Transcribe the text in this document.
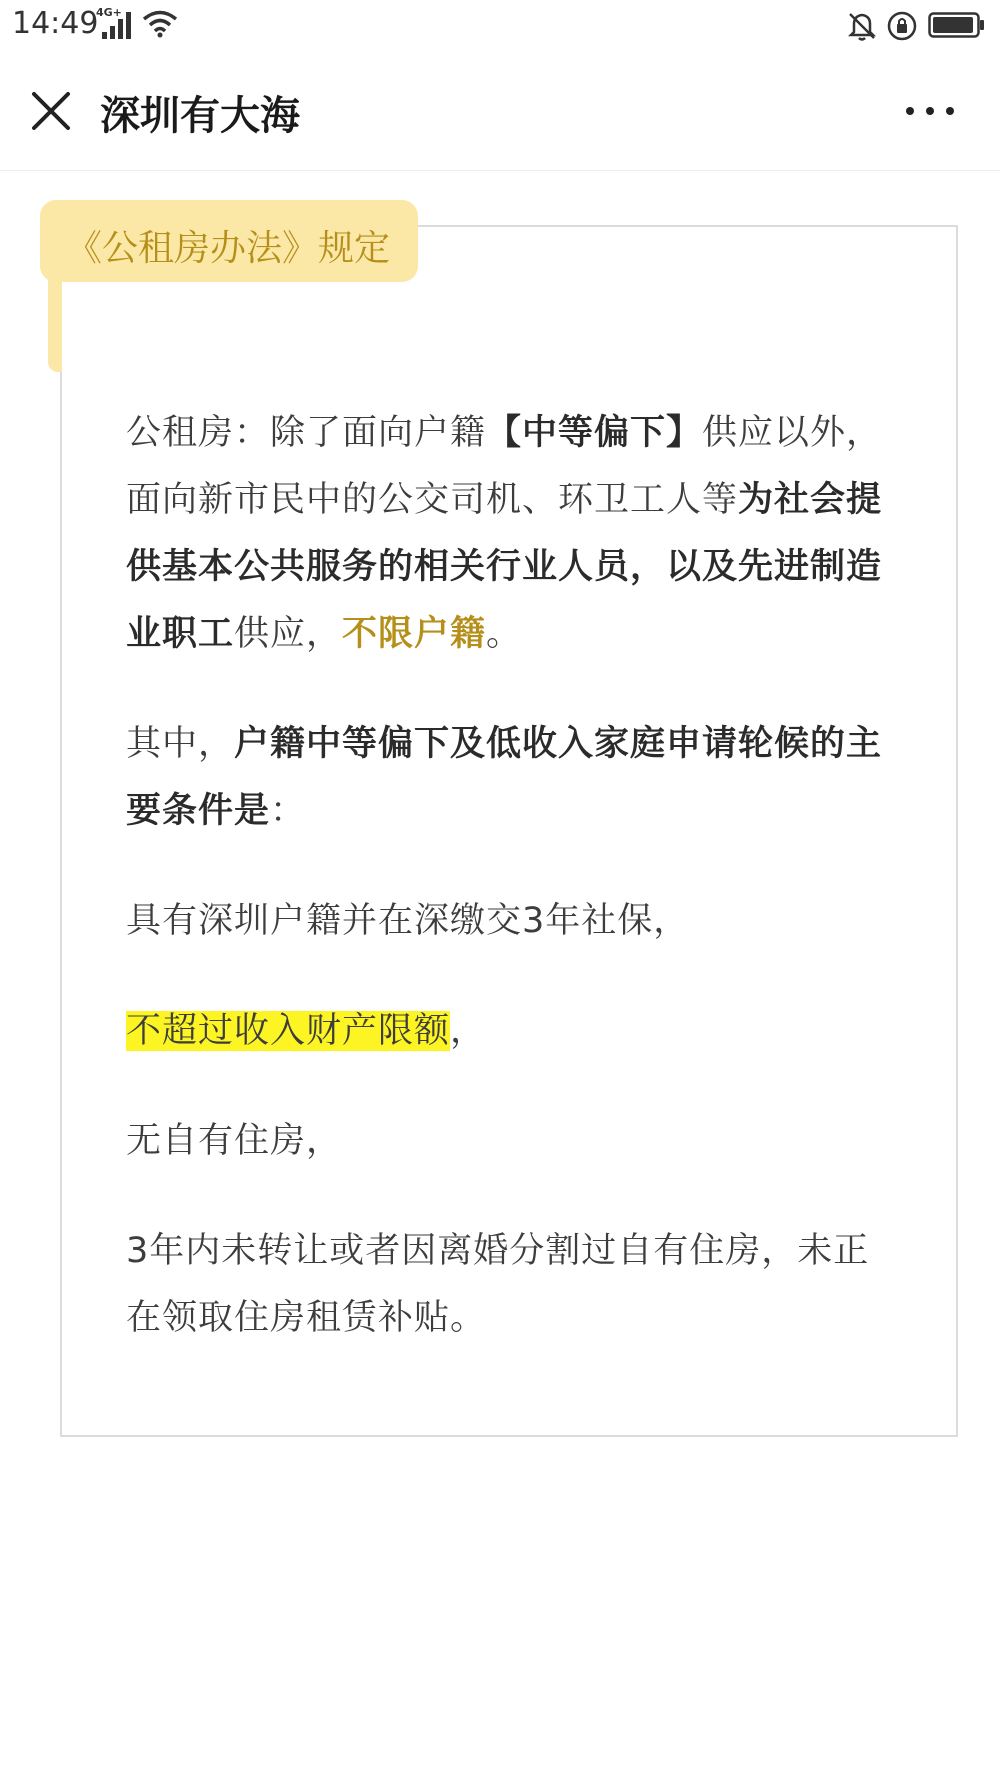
14:49
4G+
深圳有大海
《公租房办法》规定

公租房：除了面向户籍【中等偏下】供应以外，面向新市民中的公交司机、环卫工人等为社会提供基本公共服务的相关行业人员，以及先进制造业职工供应，不限户籍。

其中，户籍中等偏下及低收入家庭申请轮候的主要条件是：

具有深圳户籍并在深缴交3年社保，

不超过收入财产限额，

无自有住房，

3年内未转让或者因离婚分割过自有住房，未正在领取住房租赁补贴。
